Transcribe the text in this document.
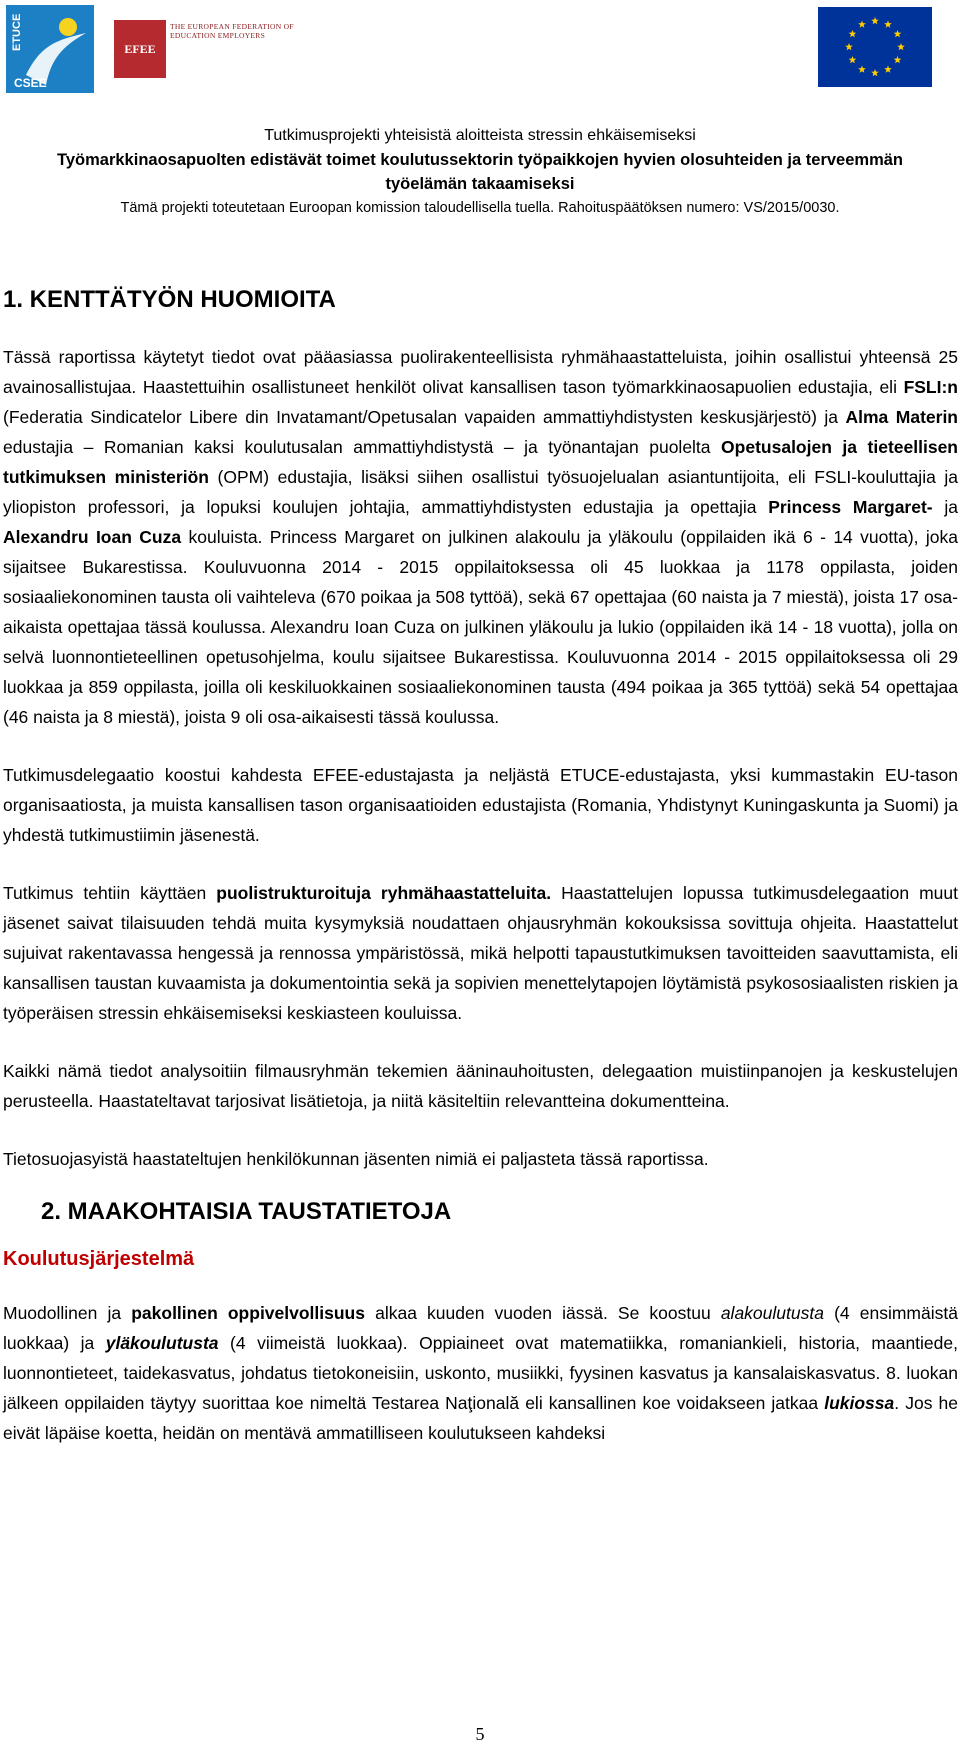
ETUCE
CSEE
EFEE
THE EUROPEAN FEDERATION OF EDUCATION EMPLOYERS
Tutkimusprojekti yhteisistä aloitteista stressin ehkäisemiseksi
Työmarkkinaosapuolten edistävät toimet koulutussektorin työpaikkojen hyvien olosuhteiden ja terveemmän
työelämän takaamiseksi
Tämä projekti toteutetaan Euroopan komission taloudellisella tuella. Rahoituspäätöksen numero: VS/2015/0030.
1. KENTTÄTYÖN HUOMIOITA

Tässä raportissa käytetyt tiedot ovat pääasiassa puolirakenteellisista ryhmähaastatteluista, joihin osallistui yhteensä 25 avainosallistujaa. Haastettuihin osallistuneet henkilöt olivat kansallisen tason työmarkkinaosapuolien edustajia, eli FSLI:n (Federatia Sindicatelor Libere din Invatamant/Opetusalan vapaiden ammattiyhdistysten keskusjärjestö) ja Alma Materin edustajia – Romanian kaksi koulutusalan ammattiyhdistystä – ja työnantajan puolelta Opetusalojen ja tieteellisen tutkimuksen ministeriön (OPM) edustajia, lisäksi siihen osallistui työsuojelualan asiantuntijoita, eli FSLI-kouluttajia ja yliopiston professori, ja lopuksi koulujen johtajia, ammattiyhdistysten edustajia ja opettajia Princess Margaret- ja Alexandru Ioan Cuza kouluista. Princess Margaret on julkinen alakoulu ja yläkoulu (oppilaiden ikä 6 - 14 vuotta), joka sijaitsee Bukarestissa. Kouluvuonna 2014 - 2015 oppilaitoksessa oli 45 luokkaa ja 1178 oppilasta, joiden sosiaaliekonominen tausta oli vaihteleva (670 poikaa ja 508 tyttöä), sekä 67 opettajaa (60 naista ja 7 miestä), joista 17 osa-aikaista opettajaa tässä koulussa. Alexandru Ioan Cuza on julkinen yläkoulu ja lukio (oppilaiden ikä 14 - 18 vuotta), jolla on selvä luonnontieteellinen opetusohjelma, koulu sijaitsee Bukarestissa. Kouluvuonna 2014 - 2015 oppilaitoksessa oli 29 luokkaa ja 859 oppilasta, joilla oli keskiluokkainen sosiaaliekonominen tausta (494 poikaa ja 365 tyttöä) sekä 54 opettajaa (46 naista ja 8 miestä), joista 9 oli osa-aikaisesti tässä koulussa.

Tutkimusdelegaatio koostui kahdesta EFEE-edustajasta ja neljästä ETUCE-edustajasta, yksi kummastakin EU-tason organisaatiosta, ja muista kansallisen tason organisaatioiden edustajista (Romania, Yhdistynyt Kuningaskunta ja Suomi) ja yhdestä tutkimustiimin jäsenestä.

Tutkimus tehtiin käyttäen puolistrukturoituja ryhmähaastatteluita. Haastattelujen lopussa tutkimusdelegaation muut jäsenet saivat tilaisuuden tehdä muita kysymyksiä noudattaen ohjausryhmän kokouksissa sovittuja ohjeita. Haastattelut sujuivat rakentavassa hengessä ja rennossa ympäristössä, mikä helpotti tapaustutkimuksen tavoitteiden saavuttamista, eli kansallisen taustan kuvaamista ja dokumentointia sekä ja sopivien menettelytapojen löytämistä psykososiaalisten riskien ja työperäisen stressin ehkäisemiseksi keskiasteen kouluissa.

Kaikki nämä tiedot analysoitiin filmausryhmän tekemien ääninauhoitusten, delegaation muistiinpanojen ja keskustelujen perusteella. Haastateltavat tarjosivat lisätietoja, ja niitä käsiteltiin relevantteina dokumentteina.

Tietosuojasyistä haastateltujen henkilökunnan jäsenten nimiä ei paljasteta tässä raportissa.

2. MAAKOHTAISIA TAUSTATIETOJA
Koulutusjärjestelmä

Muodollinen ja pakollinen oppivelvollisuus alkaa kuuden vuoden iässä. Se koostuu alakoulutusta (4 ensimmäistä luokkaa) ja yläkoulutusta (4 viimeistä luokkaa). Oppiaineet ovat matematiikka, romaniankieli, historia, maantiede, luonnontieteet, taidekasvatus, johdatus tietokoneisiin, uskonto, musiikki, fyysinen kasvatus ja kansalaiskasvatus. 8. luokan jälkeen oppilaiden täytyy suorittaa koe nimeltä Testarea Naţională eli kansallinen koe voidakseen jatkaa lukiossa. Jos he eivät läpäise koetta, heidän on mentävä ammatilliseen koulutukseen kahdeksi

5
